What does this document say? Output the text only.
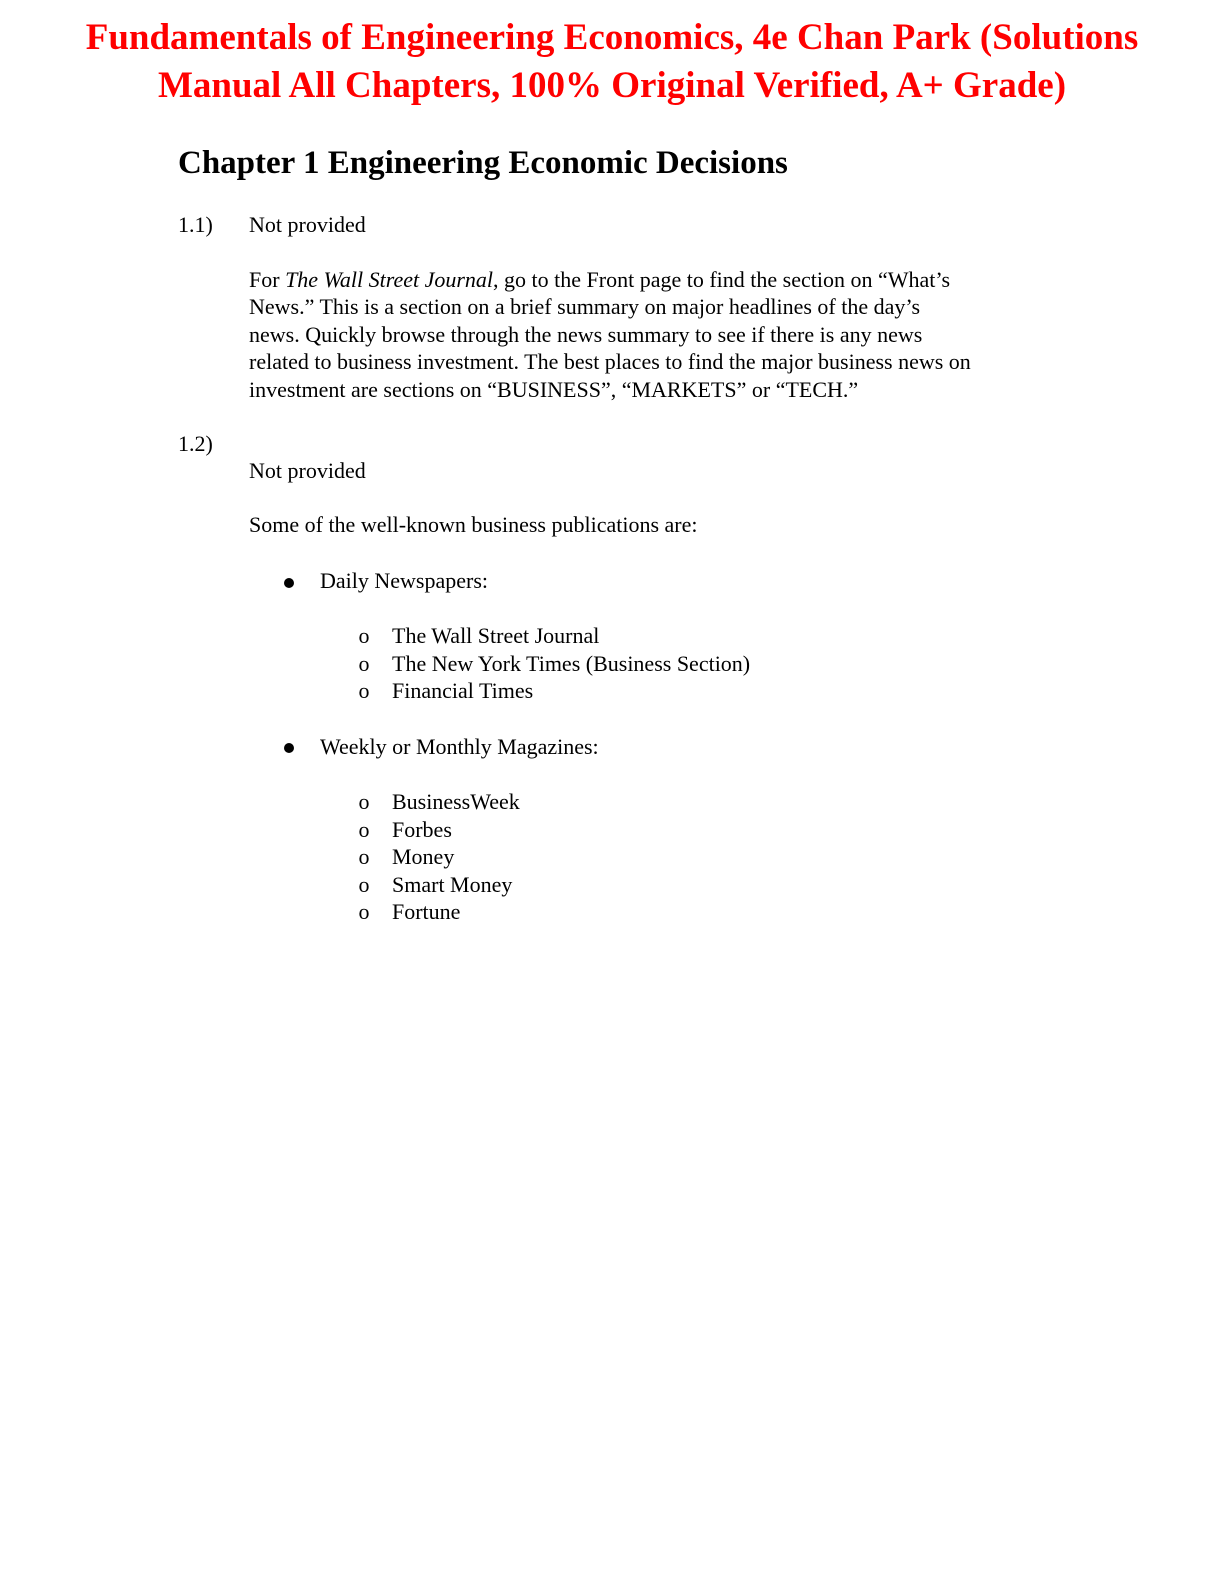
Fundamentals of Engineering Economics, 4e Chan Park (Solutions
Manual All Chapters, 100% Original Verified, A+ Grade)
Chapter 1 Engineering Economic Decisions
1.1) Not provided
For The Wall Street Journal, go to the Front page to find the section on “What’s
News.” This is a section on a brief summary on major headlines of the day’s
news. Quickly browse through the news summary to see if there is any news
related to business investment. The best places to find the major business news on
investment are sections on “BUSINESS”, “MARKETS” or “TECH.”
1.2)
Not provided
Some of the well-known business publications are:
Daily Newspapers:
o The Wall Street Journal
o The New York Times (Business Section)
o Financial Times
Weekly or Monthly Magazines:
o BusinessWeek
o Forbes
o Money
o Smart Money
o Fortune
